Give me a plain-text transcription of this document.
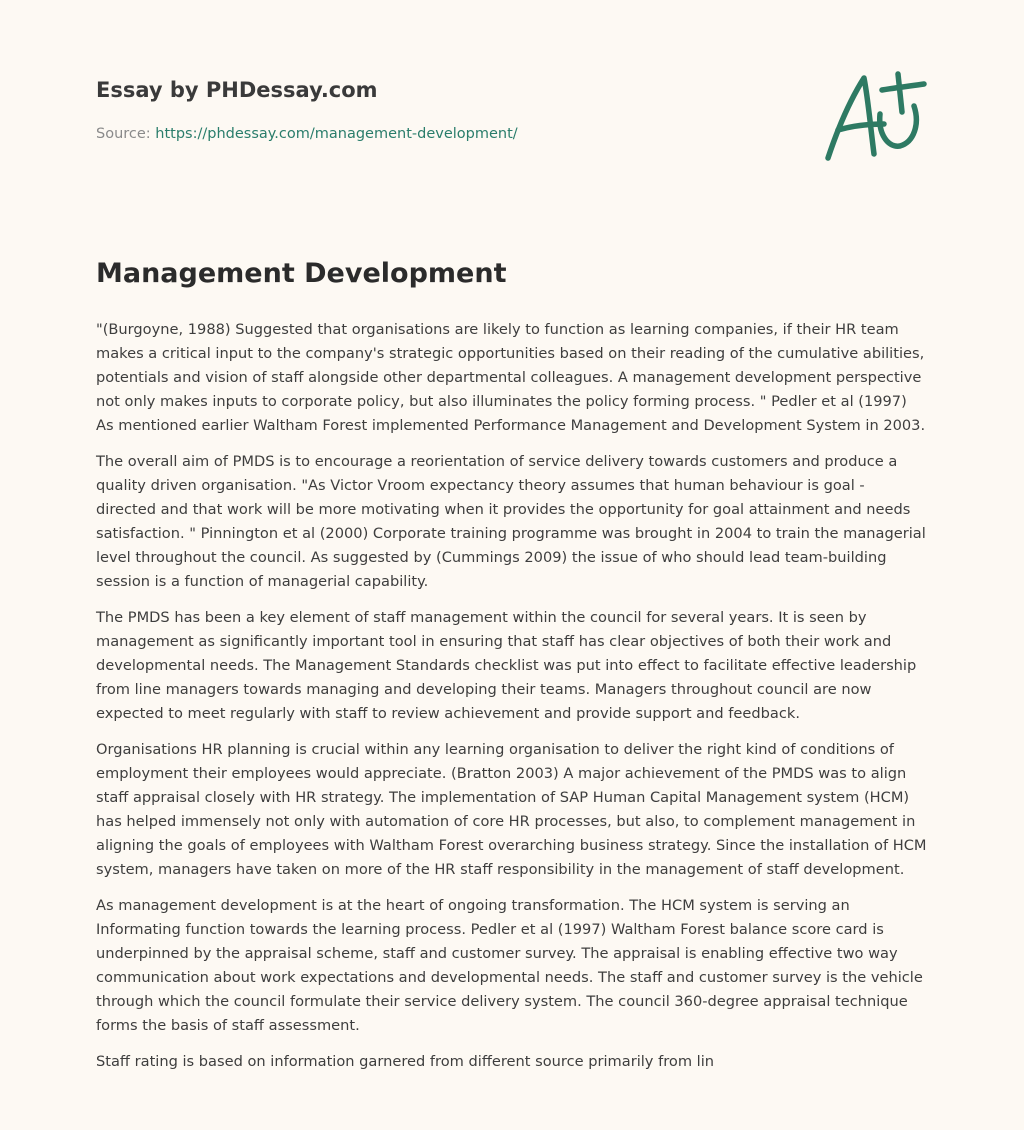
Essay by PHDessay.com
Source: https://phdessay.com/management-development/
Management Development

"(Burgoyne, 1988) Suggested that organisations are likely to function as learning companies, if their HR team makes a critical input to the company's strategic opportunities based on their reading of the cumulative abilities, potentials and vision of staff alongside other departmental colleagues. A management development perspective not only makes inputs to corporate policy, but also illuminates the policy forming process. " Pedler et al (1997) As mentioned earlier Waltham Forest implemented Performance Management and Development System in 2003.

The overall aim of PMDS is to encourage a reorientation of service delivery towards customers and produce a quality driven organisation. "As Victor Vroom expectancy theory assumes that human behaviour is goal - directed and that work will be more motivating when it provides the opportunity for goal attainment and needs satisfaction. " Pinnington et al (2000) Corporate training programme was brought in 2004 to train the managerial level throughout the council. As suggested by (Cummings 2009) the issue of who should lead team-building session is a function of managerial capability.

The PMDS has been a key element of staff management within the council for several years. It is seen by management as significantly important tool in ensuring that staff has clear objectives of both their work and developmental needs. The Management Standards checklist was put into effect to facilitate effective leadership from line managers towards managing and developing their teams. Managers throughout council are now expected to meet regularly with staff to review achievement and provide support and feedback.

Organisations HR planning is crucial within any learning organisation to deliver the right kind of conditions of employment their employees would appreciate. (Bratton 2003) A major achievement of the PMDS was to align staff appraisal closely with HR strategy. The implementation of SAP Human Capital Management system (HCM) has helped immensely not only with automation of core HR processes, but also, to complement management in aligning the goals of employees with Waltham Forest overarching business strategy. Since the installation of HCM system, managers have taken on more of the HR staff responsibility in the management of staff development.

As management development is at the heart of ongoing transformation. The HCM system is serving an Informating function towards the learning process. Pedler et al (1997) Waltham Forest balance score card is underpinned by the appraisal scheme, staff and customer survey. The appraisal is enabling effective two way communication about work expectations and developmental needs. The staff and customer survey is the vehicle through which the council formulate their service delivery system. The council 360-degree appraisal technique forms the basis of staff assessment.

Staff rating is based on information garnered from different source primarily from lin
